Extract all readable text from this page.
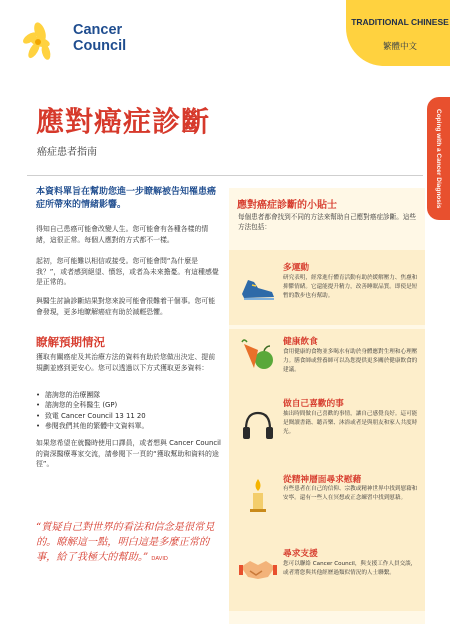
Cancer
Council
TRADITIONAL CHINESE
繁體中文
Coping with a Cancer Diagnosis
應對癌症診斷
癌症患者指南
本資料單旨在幫助您進一步瞭解被告知罹患癌症所帶來的情緒影響。
得知自己患癌可能會改變人生。您可能會有各種各樣的情緒，這很正常。每個人應對的方式都不一樣。
起初，您可能難以相信或接受。您可能會問“為什麼是我？”，或者感到絕望、憤怒，或者為未來擔憂。有這種感覺是正常的。
與醫生討論診斷結果對您來說可能會很難着干個事。您可能會發現，更多地瞭解癌症有助於減輕恐懼。
瞭解預期情況
獲取有關癌症及其治療方法的資料有助於您做出決定、提前規劃並感到更安心。您可以透過以下方式獲取更多資料：
• 諮詢您的治療團隊
• 諮詢您的全科醫生 (GP)
• 致電 Cancer Council 13 11 20
• 參閱我們其他的繁體中文資料單。
如果您希望在就醫時使用口譯員，或者想與 Cancer Council 的資深醫療專家交流，請參閱下一頁的“獲取幫助和資料的途徑”。
“質疑自己對世界的看法和信念是很常見的。瞭解這一點，明白這是多麼正常的事，給了我極大的幫助。” DAVID
應對癌症診斷的小貼士
每個患者都會找到不同的方法來幫助自己應對癌症診斷。這些方法包括：
多運動
研究表明，經常進行體育活動有助於緩解壓力、焦慮和抑鬱情緒。它還能提升精力，改善睡眠品質。即使是短暫的散步也有幫助。
健康飲食
食用健康的食物並多喝水有助於身體應對生理和心理壓力。膳食師或營養師可以為您提供更多關於健康飲食的建議。
做自己喜歡的事
抽出時間做自己喜歡的事情，讓自己感覺良好。這可能是閱讀書籍、聽音樂、沐浴或者是與朋友和家人共度時光。
從精神層面尋求慰藉
有些患者在自己的信仰、宗教或精神世界中找到慰藉和安寧。還有一些人在冥想或正念練習中找到慰藉。
尋求支援
您可以聯絡 Cancer Council，與支援工作人員交談，或者將您與其他經歷過類似情況的人士聯繫。
